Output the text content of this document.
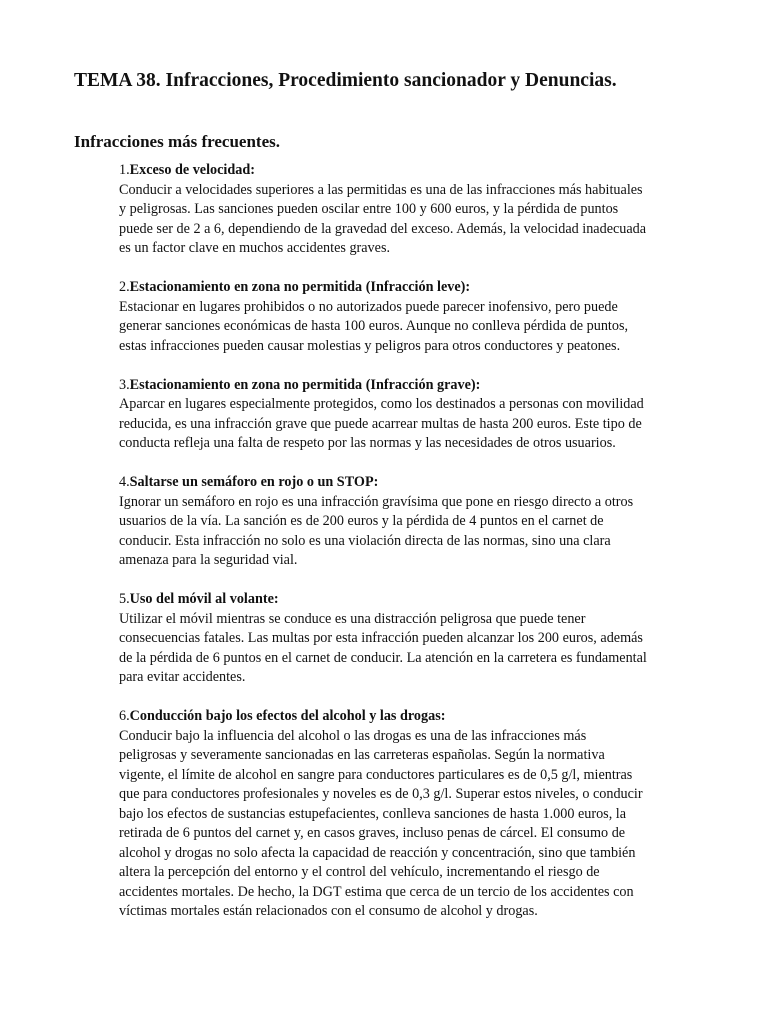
TEMA 38. Infracciones, Procedimiento sancionador y Denuncias.
Infracciones más frecuentes.

1.Exceso de velocidad:

Conducir a velocidades superiores a las permitidas es una de las infracciones más habituales
y peligrosas. Las sanciones pueden oscilar entre 100 y 600 euros, y la pérdida de puntos
puede ser de 2 a 6, dependiendo de la gravedad del exceso. Además, la velocidad inadecuada
es un factor clave en muchos accidentes graves.

2.Estacionamiento en zona no permitida (Infracción leve):

Estacionar en lugares prohibidos o no autorizados puede parecer inofensivo, pero puede
generar sanciones económicas de hasta 100 euros. Aunque no conlleva pérdida de puntos,
estas infracciones pueden causar molestias y peligros para otros conductores y peatones.

3.Estacionamiento en zona no permitida (Infracción grave):

Aparcar en lugares especialmente protegidos, como los destinados a personas con movilidad
reducida, es una infracción grave que puede acarrear multas de hasta 200 euros. Este tipo de
conducta refleja una falta de respeto por las normas y las necesidades de otros usuarios.

4.Saltarse un semáforo en rojo o un STOP:

Ignorar un semáforo en rojo es una infracción gravísima que pone en riesgo directo a otros
usuarios de la vía. La sanción es de 200 euros y la pérdida de 4 puntos en el carnet de
conducir. Esta infracción no solo es una violación directa de las normas, sino una clara
amenaza para la seguridad vial.

5.Uso del móvil al volante:

Utilizar el móvil mientras se conduce es una distracción peligrosa que puede tener
consecuencias fatales. Las multas por esta infracción pueden alcanzar los 200 euros, además
de la pérdida de 6 puntos en el carnet de conducir. La atención en la carretera es fundamental
para evitar accidentes.

6.Conducción bajo los efectos del alcohol y las drogas:

Conducir bajo la influencia del alcohol o las drogas es una de las infracciones más
peligrosas y severamente sancionadas en las carreteras españolas. Según la normativa
vigente, el límite de alcohol en sangre para conductores particulares es de 0,5 g/l, mientras
que para conductores profesionales y noveles es de 0,3 g/l. Superar estos niveles, o conducir
bajo los efectos de sustancias estupefacientes, conlleva sanciones de hasta 1.000 euros, la
retirada de 6 puntos del carnet y, en casos graves, incluso penas de cárcel. El consumo de
alcohol y drogas no solo afecta la capacidad de reacción y concentración, sino que también
altera la percepción del entorno y el control del vehículo, incrementando el riesgo de
accidentes mortales. De hecho, la DGT estima que cerca de un tercio de los accidentes con
víctimas mortales están relacionados con el consumo de alcohol y drogas.
